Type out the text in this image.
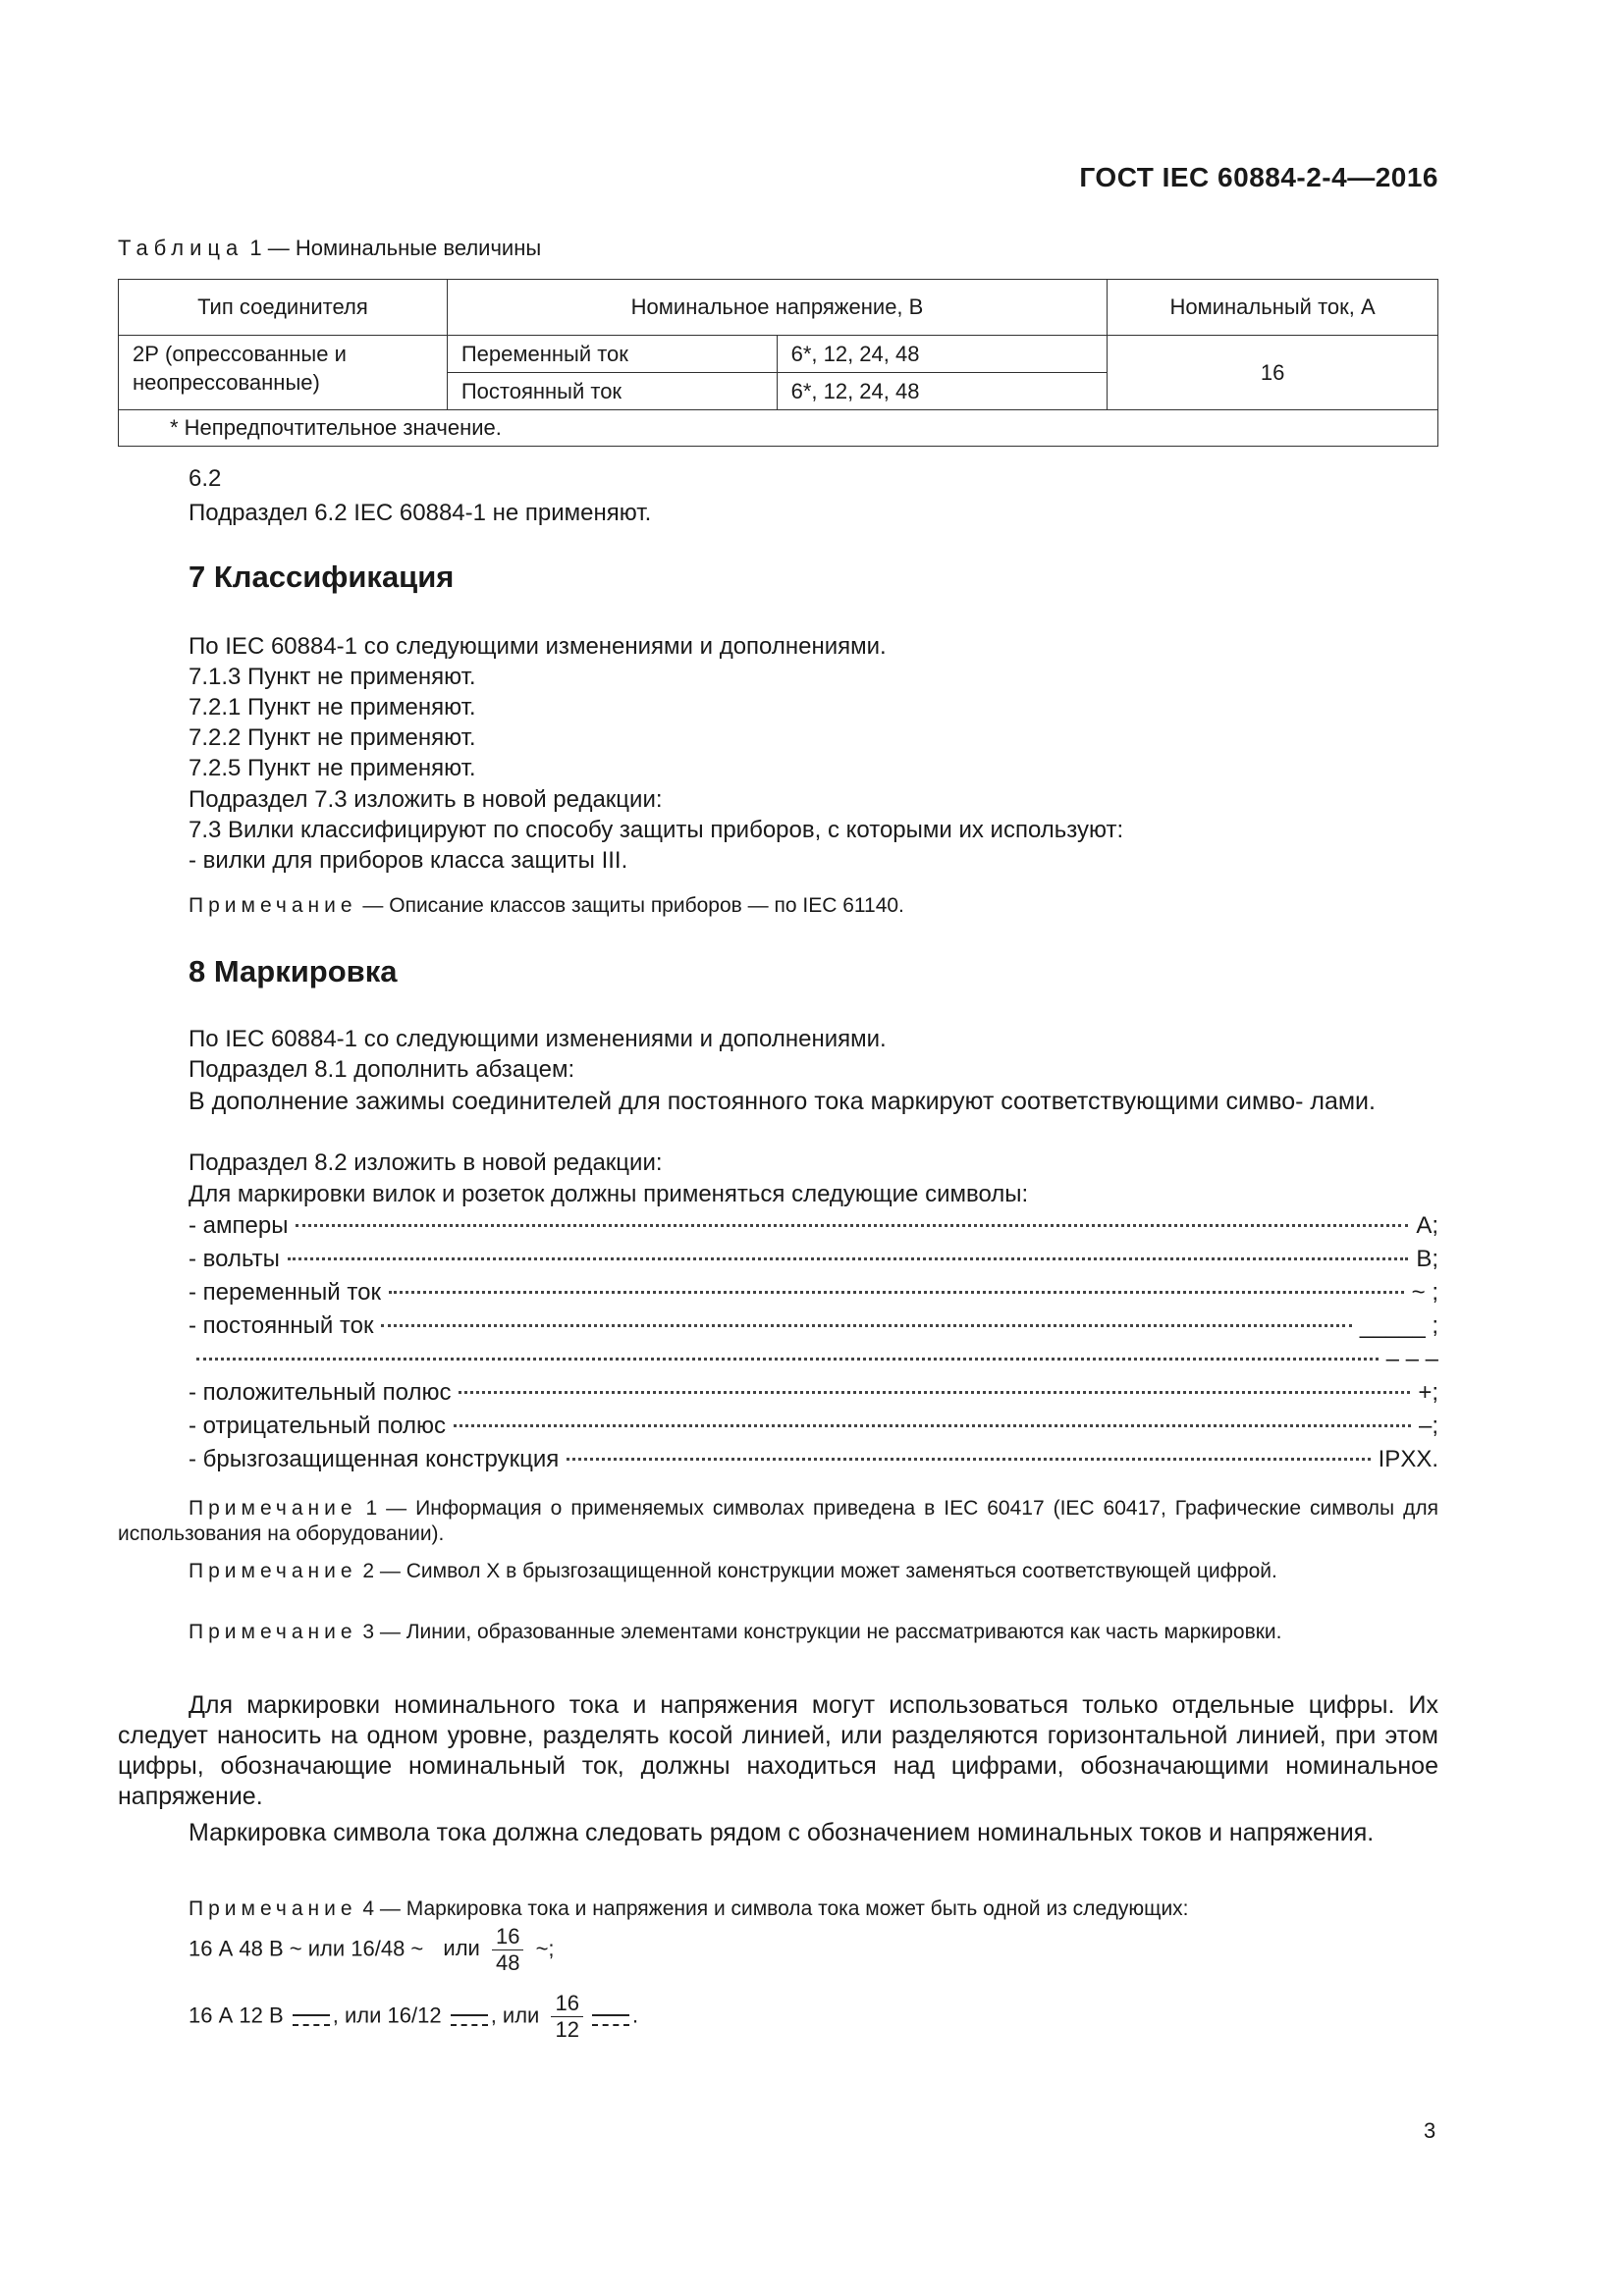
ГОСТ IEC 60884-2-4—2016
Таблица 1 — Номинальные величины
Тип соединителя	Номинальное напряжение, В		Номинальный ток, А
2Р (опрессованные и неопрессованные)	Переменный ток	6*, 12, 24, 48	16
	Постоянный ток	6*, 12, 24, 48	
* Непредпочтительное значение.			
6.2
Подраздел 6.2 IEC 60884-1 не применяют.
7 Классификация
По IEC 60884-1 со следующими изменениями и дополнениями.
7.1.3 Пункт не применяют.
7.2.1 Пункт не применяют.
7.2.2 Пункт не применяют.
7.2.5 Пункт не применяют.
Подраздел 7.3 изложить в новой редакции:
7.3 Вилки классифицируют по способу защиты приборов, с которыми их используют:
- вилки для приборов класса защиты III.
Примечание — Описание классов защиты приборов — по IEC 61140.
8 Маркировка
По IEC 60884-1 со следующими изменениями и дополнениями.
Подраздел 8.1 дополнить абзацем:
В дополнение зажимы соединителей для постоянного тока маркируют соответствующими симво- лами.
Подраздел 8.2 изложить в новой редакции:
Для маркировки вилок и розеток должны применяться следующие символы:
- амперы	А;
- вольты	В;
- переменный ток	~ ;
- постоянный ток	_____ ;
– – –
- положительный полюс	+;
- отрицательный полюс	–;
- брызгозащищенная конструкция	IPXX.
Примечание 1 — Информация о применяемых символах приведена в IEC 60417 (IEC 60417, Графические символы для использования на оборудовании).
Примечание 2 — Символ X в брызгозащищенной конструкции может заменяться соответствующей цифрой.
Примечание 3 — Линии, образованные элементами конструкции не рассматриваются как часть маркировки.
Для маркировки номинального тока и напряжения могут использоваться только отдельные цифры. Их следует наносить на одном уровне, разделять косой линией, или разделяются горизонтальной линией, при этом цифры, обозначающие номинальный ток, должны находиться над цифрами, обозначающими номинальное напряжение.
Маркировка символа тока должна следовать рядом с обозначением номинальных токов и напряжения.
Примечание 4 — Маркировка тока и напряжения и символа тока может быть одной из следующих:
16 А 48 В ~ или 16/48 ~ или $\frac{16}{48}$ ~;
16 А 12 В , или 16/12 , или $\frac{16}{12}$ .
3
